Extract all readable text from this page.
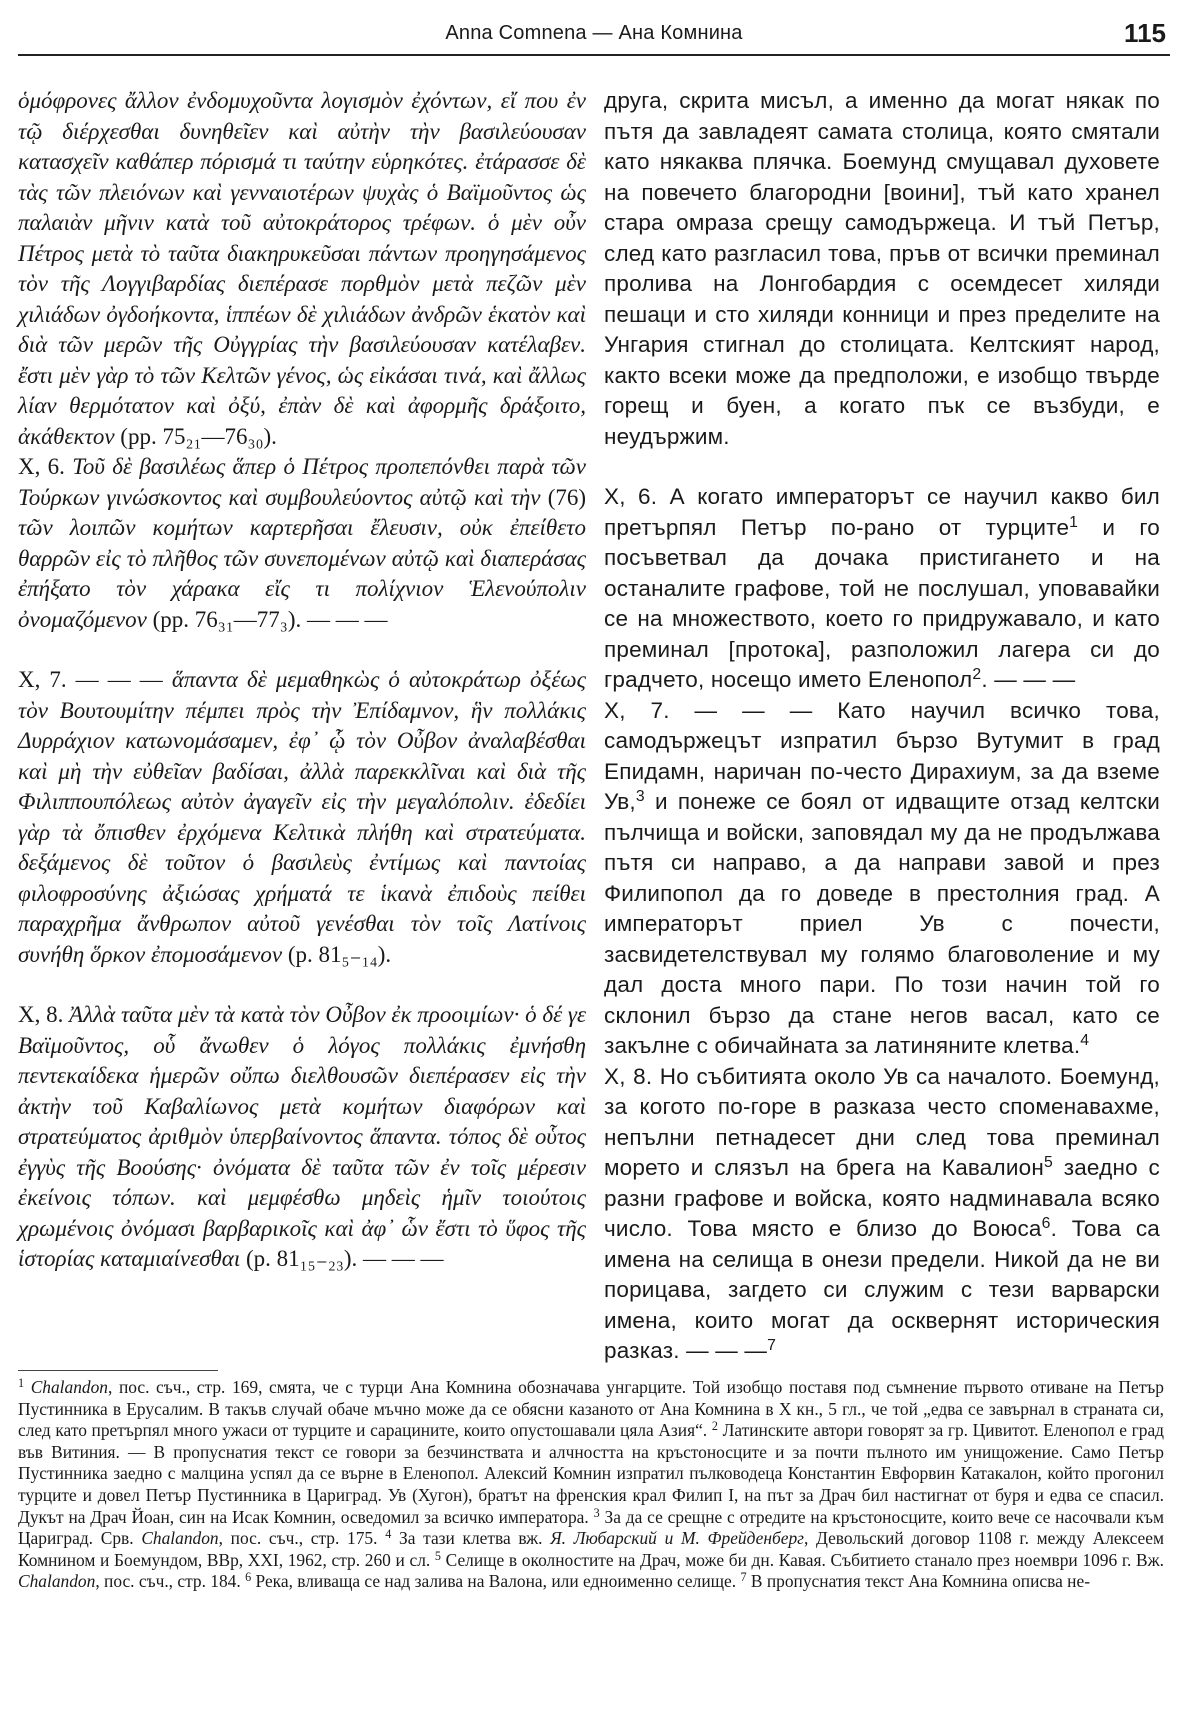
Anna Comnena — Ана Комнина	115

ὁμόφρονες ἄλλον ἐνδομυχοῦντα λογισμὸν ἐχόντων, εἴ που ἐν τῷ διέρχεσθαι δυνηθεῖεν καὶ αὐτὴν τὴν βασιλεύουσαν κατασχεῖν καθάπερ πόρισμά τι ταύτην εὑρηκότες. ἐτάρασσε δὲ τὰς τῶν πλειόνων καὶ γενναιοτέρων ψυχὰς ὁ Βαϊμοῦντος ὡς παλαιὰν μῆνιν κατὰ τοῦ αὐτοκράτορος τρέφων. ὁ μὲν οὖν Πέτρος μετὰ τὸ ταῦτα διακηρυκεῦσαι πάντων προηγησάμενος τὸν τῆς Λογγιβαρδίας διεπέρασε πορθμὸν μετὰ πεζῶν μὲν χιλιάδων ὀγδοήκοντα, ἱππέων δὲ χιλιάδων ἀνδρῶν ἑκατὸν καὶ διὰ τῶν μερῶν τῆς Οὐγγρίας τὴν βασιλεύουσαν κατέλαβεν. ἔστι μὲν γὰρ τὸ τῶν Κελτῶν γένος, ὡς εἰκάσαι τινά, καὶ ἄλλως λίαν θερμότατον καὶ ὀξύ, ἐπὰν δὲ καὶ ἀφορμῆς δράξοιτο, ἀκάθεκτον (pp. 75₂₁—76₃₀).

X, 6. Τοῦ δὲ βασιλέως ἅπερ ὁ Πέτρος προπεπόνθει παρὰ τῶν Τούρκων γινώσκοντος καὶ συμβουλεύοντος αὐτῷ καὶ τὴν (76) τῶν λοιπῶν κομήτων καρτερῆσαι ἔλευσιν, οὐκ ἐπείθετο θαρρῶν εἰς τὸ πλῆθος τῶν συνεπομένων αὐτῷ καὶ διαπεράσας ἐπήξατο τὸν χάρακα εἴς τι πολίχνιον Ἑλενούπολιν ὀνομαζόμενον (pp. 76₃₁—77₃). — — —

X, 7. — — — ἅπαντα δὲ μεμαθηκὼς ὁ αὐτοκράτωρ ὀξέως τὸν Βουτουμίτην πέμπει πρὸς τὴν Ἐπίδαμνον, ἣν πολλάκις Δυρράχιον κατωνομάσαμεν, ἐφ᾽ ᾧ τὸν Οὖβον ἀναλαβέσθαι καὶ μὴ τὴν εὐθεῖαν βαδίσαι, ἀλλὰ παρεκκλῖναι καὶ διὰ τῆς Φιλιππουπόλεως αὐτὸν ἀγαγεῖν εἰς τὴν μεγαλόπολιν. ἐδεδίει γὰρ τὰ ὄπισθεν ἐρχόμενα Κελτικὰ πλήθη καὶ στρατεύματα. δεξάμενος δὲ τοῦτον ὁ βασιλεὺς ἐντίμως καὶ παντοίας φιλοφροσύνης ἀξιώσας χρήματά τε ἱκανὰ ἐπιδοὺς πείθει παραχρῆμα ἄνθρωπον αὐτοῦ γενέσθαι τὸν τοῖς Λατίνοις συνήθη ὅρκον ἐπομοσάμενον (p. 81₅₋₁₄).

X, 8. Ἀλλὰ ταῦτα μὲν τὰ κατὰ τὸν Οὖβον ἐκ προοιμίων· ὁ δέ γε Βαϊμοῦντος, οὗ ἄνωθεν ὁ λόγος πολλάκις ἐμνήσθη πεντεκαίδεκα ἡμερῶν οὔπω διελθουσῶν διεπέρασεν εἰς τὴν ἀκτὴν τοῦ Καβαλίωνος μετὰ κομήτων διαφόρων καὶ στρατεύματος ἀριθμὸν ὑπερβαίνοντος ἅπαντα. τόπος δὲ οὗτος ἐγγὺς τῆς Βοούσης· ὀνόματα δὲ ταῦτα τῶν ἐν τοῖς μέρεσιν ἐκείνοις τόπων. καὶ μεμφέσθω μηδεὶς ἡμῖν τοιούτοις χρωμένοις ὀνόμασι βαρβαρικοῖς καὶ ἀφ᾽ ὧν ἔστι τὸ ὕφος τῆς ἱστορίας καταμιαίνεσθαι (p. 81₁₅₋₂₃). — — —

друга, скрита мисъл, а именно да могат някак по пътя да завладеят самата столица, която смятали като някаква плячка. Боемунд смущавал духовете на повечето благородни [воини], тъй като хранел стара омраза срещу самодържеца. И тъй Петър, след като разгласил това, пръв от всички преминал пролива на Лонгобардия с осемдесет хиляди пешаци и сто хиляди конници и през пределите на Унгария стигнал до столицата. Келтският народ, както всеки може да предположи, е изобщо твърде горещ и буен, а когато пък се възбуди, е неудържим.

X, 6. А когато императорът се научил какво бил претърпял Петър по-рано от турците$^1$ и го посъветвал да дочака пристигането и на останалите графове, той не послушал, уповавайки се на множеството, което го придружавало, и като преминал [протока], разположил лагера си до градчето, носещо името Еленопол$^2$. — — —

X, 7. — — — Като научил всичко това, самодържецът изпратил бързо Вутумит в град Епидамн, наричан по-често Дирахиум, за да вземе Ув,$^3$ и понеже се боял от идващите отзад келтски пълчища и войски, заповядал му да не продължава пътя си направо, а да направи завой и през Филипопол да го доведе в престолния град. А императорът приел Ув с почести, засвидетелствувал му голямо благоволение и му дал доста много пари. По този начин той го склонил бързо да стане негов васал, като се закълне с обичайната за латиняните клетва.$^4$

X, 8. Но събитията около Ув са началото. Боемунд, за когото по-горе в разказа често споменавахме, непълни петнадесет дни след това преминал морето и слязъл на брега на Кавалион$^5$ заедно с разни графове и войска, която надминавала всяко число. Това място е близо до Воюса$^6$. Това са имена на селища в онези предели. Никой да не ви порицава, загдето си служим с тези варварски имена, които могат да осквернят историческия разказ. — — —$^7$

$^1$ Chalandon, пос. съч., стр. 169, смята, че с турци Ана Комнина обозначава унгарците. Той изобщо поставя под съмнение първото отиване на Петър Пустинника в Ерусалим. В такъв случай обаче мъчно може да се обясни казаното от Ана Комнина в X кн., 5 гл., че той „едва се завърнал в страната си, след като претърпял много ужаси от турците и сарацините, които опустошавали цяла Азия“. $^2$ Латинските автори говорят за гр. Цивитот. Еленопол е град във Витиния. — В пропуснатия текст се говори за безчинствата и алчността на кръстоносците и за почти пълното им унищожение. Само Петър Пустинника заедно с малцина успял да се върне в Еленопол. Алексий Комнин изпратил пълководеца Константин Евфорвин Катакалон, който прогонил турците и довел Петър Пустинника в Цариград. Ув (Хугон), братът на френския крал Филип I, на път за Драч бил настигнат от буря и едва се спасил. Дукът на Драч Йоан, син на Исак Комнин, осведомил за всичко императора. $^3$ За да се срещне с отредите на кръстоносците, които вече се насочвали към Цариград. Срв. Chalandon, пос. съч., стр. 175. $^4$ За тази клетва вж. Я. Любарский и М. Фрейденберг, Девольский договор 1108 г. между Алексеем Комнином и Боемундом, ВВр, XXI, 1962, стр. 260 и сл. $^5$ Селище в околностите на Драч, може би дн. Кавая. Събитието станало през ноември 1096 г. Вж. Chalandon, пос. съч., стр. 184. $^6$ Река, вливаща се над залива на Валона, или едноименно селище. $^7$ В пропуснатия текст Ана Комнина описва не-
